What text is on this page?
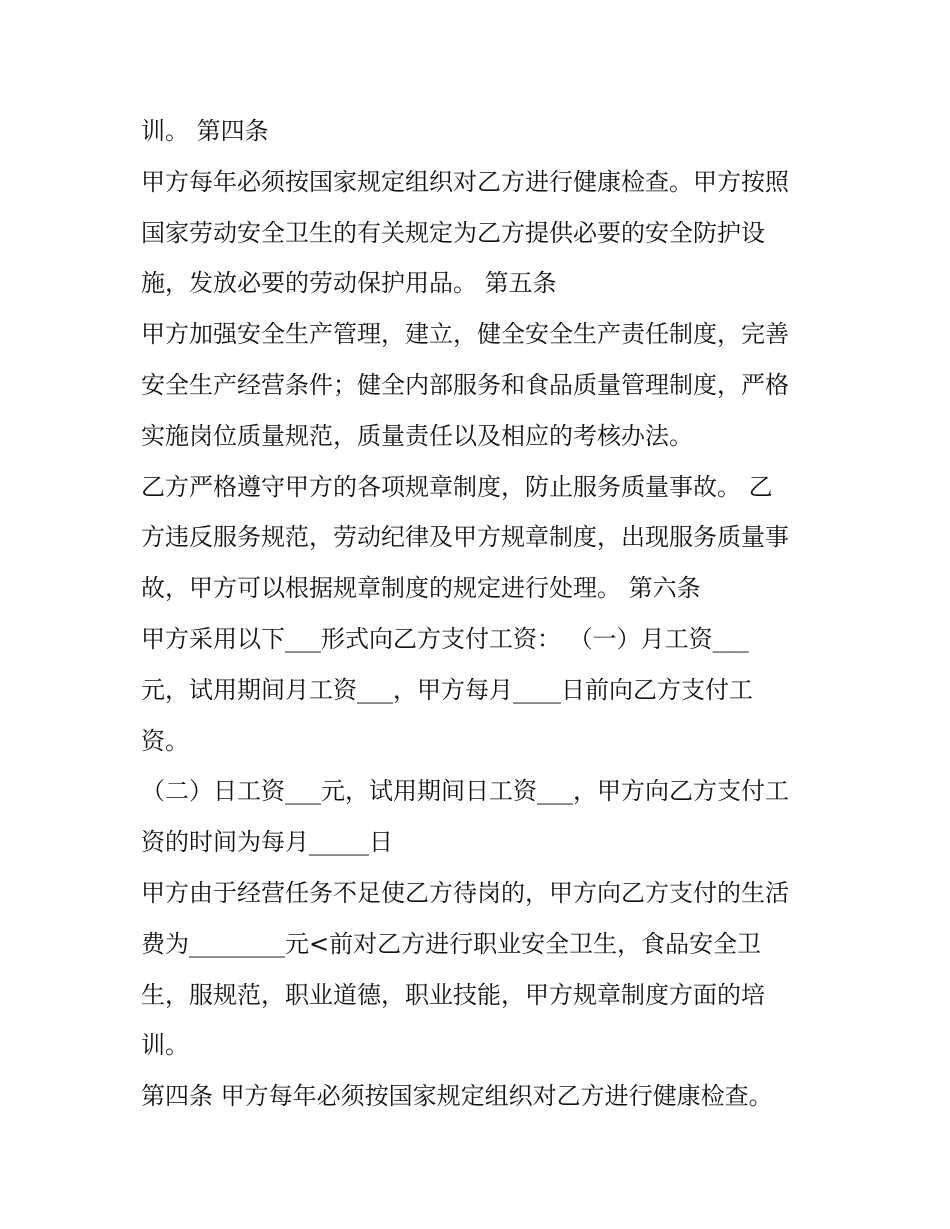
训。 第四条
甲方每年必须按国家规定组织对乙方进行健康检查。甲方按照
国家劳动安全卫生的有关规定为乙方提供必要的安全防护设
施，发放必要的劳动保护用品。 第五条
甲方加强安全生产管理，建立，健全安全生产责任制度，完善
安全生产经营条件；健全内部服务和食品质量管理制度，严格
实施岗位质量规范，质量责任以及相应的考核办法。
乙方严格遵守甲方的各项规章制度，防止服务质量事故。 乙
方违反服务规范，劳动纪律及甲方规章制度，出现服务质量事
故，甲方可以根据规章制度的规定进行处理。 第六条
甲方采用以下___形式向乙方支付工资： （一）月工资___
元，试用期间月工资___，甲方每月____日前向乙方支付工
资。
（二）日工资___元，试用期间日工资___，甲方向乙方支付工
资的时间为每月_____日
甲方由于经营任务不足使乙方待岗的，甲方向乙方支付的生活
费为________元<前对乙方进行职业安全卫生，食品安全卫
生，服规范，职业道德，职业技能，甲方规章制度方面的培
训。
第四条 甲方每年必须按国家规定组织对乙方进行健康检查。
